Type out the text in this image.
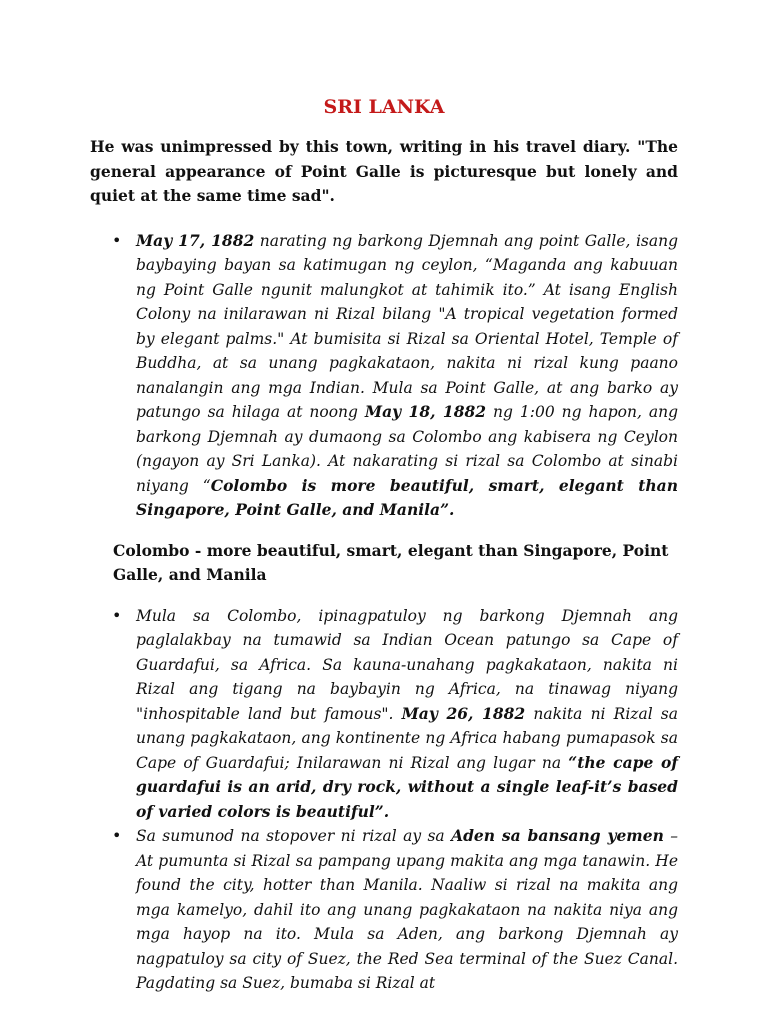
SRI LANKA

He was unimpressed by this town, writing in his travel diary. "The general appearance of Point Galle is picturesque but lonely and quiet at the same time sad".

• May 17, 1882 narating ng barkong Djemnah ang point Galle, isang baybaying bayan sa katimugan ng ceylon, “Maganda ang kabuuan ng Point Galle ngunit malungkot at tahimik ito.” At isang English Colony na inilarawan ni Rizal bilang "A tropical vegetation formed by elegant palms." At bumisita si Rizal sa Oriental Hotel, Temple of Buddha, at sa unang pagkakataon, nakita ni rizal kung paano nanalangin ang mga Indian. Mula sa Point Galle, at ang barko ay patungo sa hilaga at noong May 18, 1882 ng 1:00 ng hapon, ang barkong Djemnah ay dumaong sa Colombo ang kabisera ng Ceylon (ngayon ay Sri Lanka). At nakarating si rizal sa Colombo at sinabi niyang “Colombo is more beautiful, smart, elegant than Singapore, Point Galle, and Manila”.

Colombo - more beautiful, smart, elegant than Singapore, Point Galle, and Manila

• Mula sa Colombo, ipinagpatuloy ng barkong Djemnah ang paglalakbay na tumawid sa Indian Ocean patungo sa Cape of Guardafui, sa Africa. Sa kauna-unahang pagkakataon, nakita ni Rizal ang tigang na baybayin ng Africa, na tinawag niyang "inhospitable land but famous". May 26, 1882 nakita ni Rizal sa unang pagkakataon, ang kontinente ng Africa habang pumapasok sa Cape of Guardafui; Inilarawan ni Rizal ang lugar na “the cape of guardafui is an arid, dry rock, without a single leaf-it’s based of varied colors is beautiful”.
• Sa sumunod na stopover ni rizal ay sa Aden sa bansang yemen – At pumunta si Rizal sa pampang upang makita ang mga tanawin. He found the city, hotter than Manila. Naaliw si rizal na makita ang mga kamelyo, dahil ito ang unang pagkakataon na nakita niya ang mga hayop na ito. Mula sa Aden, ang barkong Djemnah ay nagpatuloy sa city of Suez, the Red Sea terminal of the Suez Canal. Pagdating sa Suez, bumaba si Rizal at
